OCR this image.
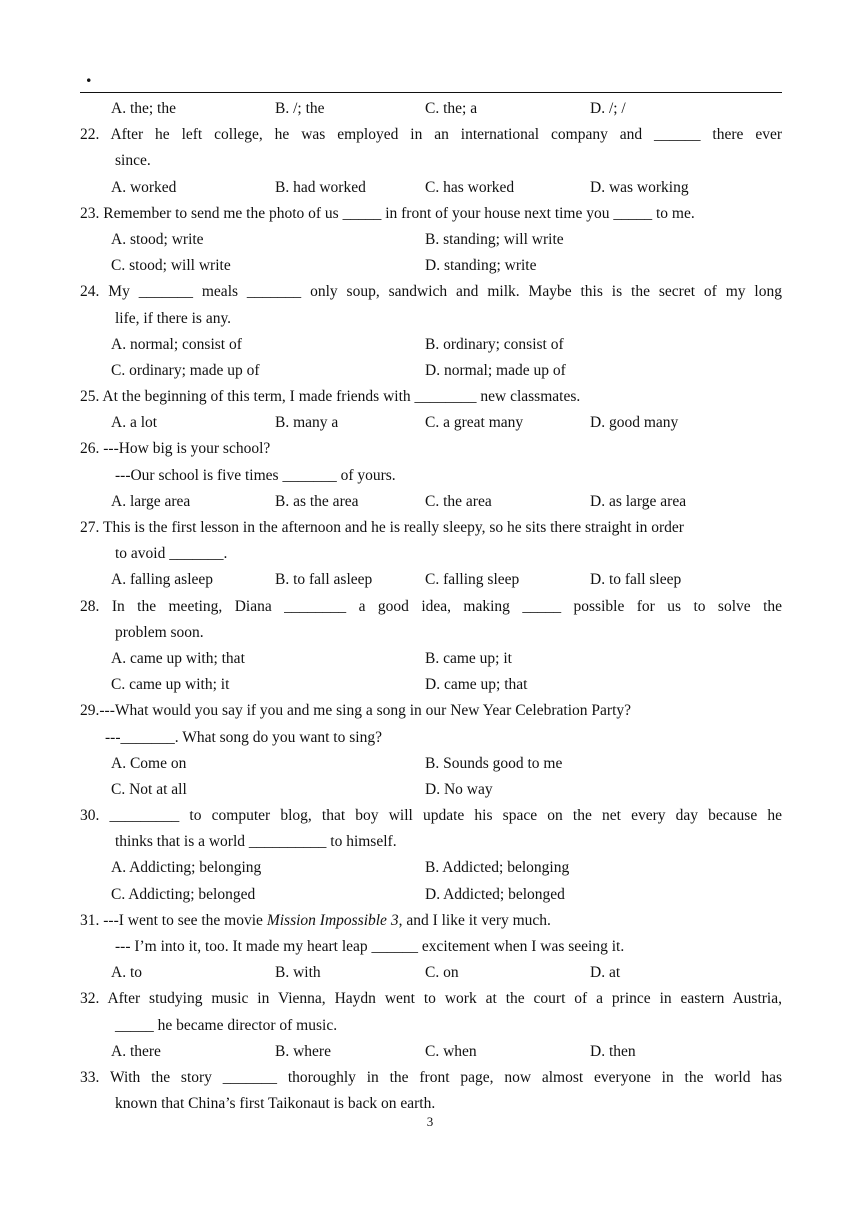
.
A. the; the	B. /; the	C. the; a	D. /; /
22. After he left college, he was employed in an international company and ______ there ever
since.
A. worked	B. had worked	C. has worked	D. was working
23. Remember to send me the photo of us _____ in front of your house next time you _____ to me.
A. stood; write	B. standing; will write
C. stood; will write	D. standing; write
24. My _______ meals _______ only soup, sandwich and milk. Maybe this is the secret of my long
life, if there is any.
A. normal; consist of	B. ordinary; consist of
C. ordinary; made up of	D. normal; made up of
25. At the beginning of this term, I made friends with ________ new classmates.
A. a lot	B. many a	C. a great many	D. good many
26. ---How big is your school?
---Our school is five times _______ of yours.
A. large area	B. as the area	C. the area	D. as large area
27. This is the first lesson in the afternoon and he is really sleepy, so he sits there straight in order
to avoid _______.
A. falling asleep	B. to fall asleep	C. falling sleep	D. to fall sleep
28. In the meeting, Diana ________ a good idea, making _____ possible for us to solve the
problem soon.
A. came up with; that	B. came up; it
C. came up with; it	D. came up; that
29.---What would you say if you and me sing a song in our New Year Celebration Party?
---_______. What song do you want to sing?
A. Come on	B. Sounds good to me
C. Not at all	D. No way
30. _________ to computer blog, that boy will update his space on the net every day because he
thinks that is a world __________ to himself.
A. Addicting; belonging	B. Addicted; belonging
C. Addicting; belonged	D. Addicted; belonged
31. ---I went to see the movie Mission Impossible 3, and I like it very much.
--- I’m into it, too. It made my heart leap ______ excitement when I was seeing it.
A. to	B. with	C. on	D. at
32. After studying music in Vienna, Haydn went to work at the court of a prince in eastern Austria,
_____ he became director of music.
A. there	B. where	C. when	D. then
33. With the story _______ thoroughly in the front page, now almost everyone in the world has
known that China’s first Taikonaut is back on earth.
3
